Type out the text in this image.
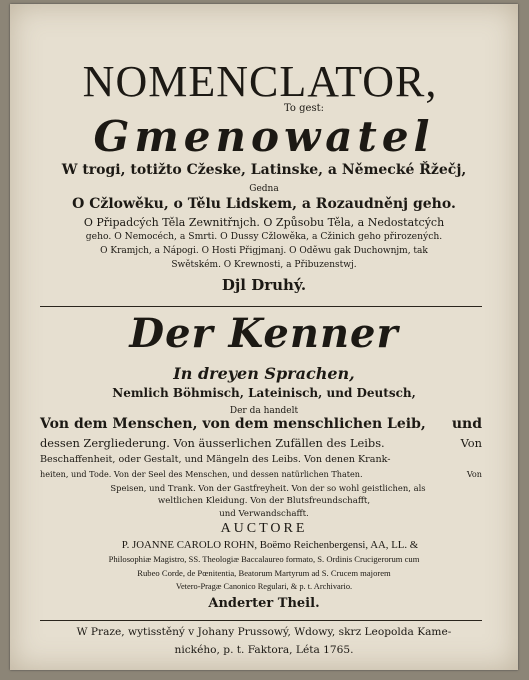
NOMENCLATOR,
To gest:
Gmenowatel
W trogi, totižto Cžeske, Latinske, a Německé Řžečj,
Gedna
O Cžlowěku, o Tělu Lidskem, a Rozaudněnj geho.
O Připadcých Těla Zewnitřnjch. O Způsobu Těla, a Nedostatcých
geho. O Nemocéch, a Smrti. O Dussy Cžlowěka, a Cžinich geho přirozených.
O Kramjch, a Nápogi. O Hosti Přigjmanj. O Oděwu gak Duchownjm, tak
Swětském. O Krewnosti, a Přibuzenstwj.
Djl Druhý.
Der Kenner
In dreyen Sprachen,
Nemlich Böhmisch, Lateinisch, und Deutsch,
Der da handelt
Von dem Menschen, von dem menschlichen Leib, und
dessen Zergliederung. Von äusserlichen Zufällen des Leibs.	Von
Beschaffenheit, oder Gestalt, und Mängeln des Leibs. Von denen Krank-
heiten, und Tode. Von der Seel des Menschen, und dessen natürlichen Thaten.	Von
Speisen, und Trank. Von der Gastfreyheit. Von der so wohl geistlichen, als
weltlichen Kleidung. Von der Blutsfreundschafft,
und Verwandschafft.
AUCTORE
P. JOANNE CAROLO ROHN, Boëmo Reichenbergensi, AA, LL. &
Philosophiæ Magistro, SS. Theologiæ Baccalaureo formato, S. Ordinis Crucigerorum cum
Rubeo Corde, de Pœnitentia, Beatorum Martyrum ad S. Crucem majorem
Vetero-Pragæ Canonico Regulari, & p. t. Archivario.
Anderter Theil.
W Praze, wytisstěný v Johany Prussowý, Wdowy, skrz Leopolda Kame-
nického, p. t. Faktora, Léta 1765.
